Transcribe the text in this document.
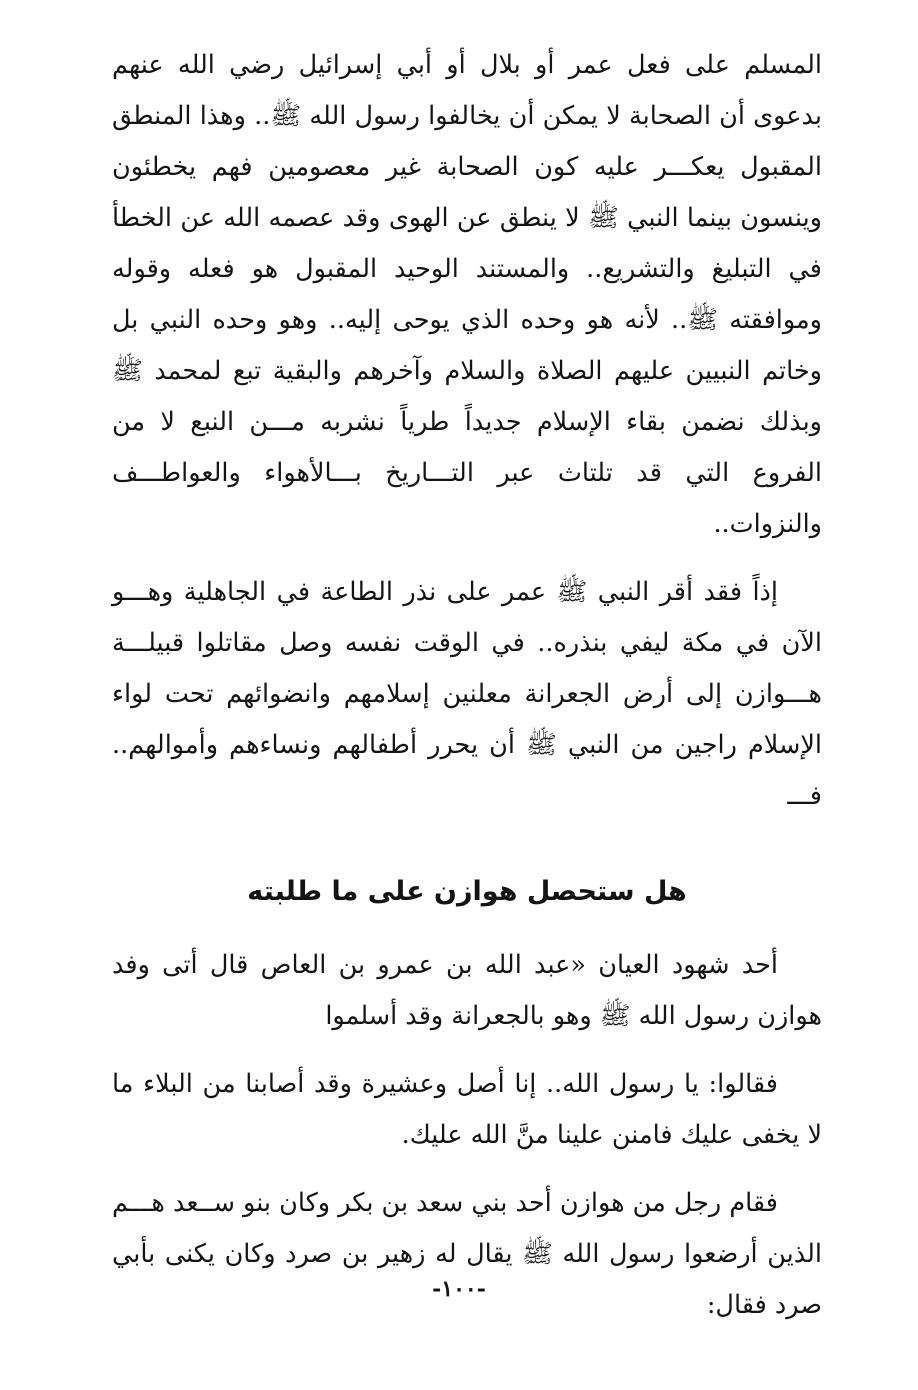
المسلم على فعل عمر أو بلال أو أبي إسرائيل رضي الله عنهم بدعوى أن الصحابة لا يمكن أن يخالفوا رسول الله ﷺ.. وهذا المنطق المقبول يعكـــر عليه كون الصحابة غير معصومين فهم يخطئون وينسون بينما النبي ﷺ لا ينطق عن الهوى وقد عصمه الله عن الخطأ في التبليغ والتشريع.. والمستند الوحيد المقبول هو فعله وقوله وموافقته ﷺ.. لأنه هو وحده الذي يوحى إليه.. وهو وحده النبي بل وخاتم النبيين عليهم الصلاة والسلام وآخرهم والبقية تبع لمحمد ﷺ وبذلك نضمن بقاء الإسلام جديداً طرياً نشربه مـــن النبع لا من الفروع التي قد تلتاث عبر التـــاريخ بـــالأهواء والعواطـــف والنزوات..

إذاً فقد أقر النبي ﷺ عمر على نذر الطاعة في الجاهلية وهـــو الآن في مكة ليفي بنذره.. في الوقت نفسه وصل مقاتلوا قبيلـــة هـــوازن إلى أرض الجعرانة معلنين إسلامهم وانضوائهم تحت لواء الإسلام راجين من النبي ﷺ أن يحرر أطفالهم ونساءهم وأموالهم.. فـــ

هل ستحصل هوازن على ما طلبته

أحد شهود العيان «عبد الله بن عمرو بن العاص قال أتى وفد هوازن رسول الله ﷺ وهو بالجعرانة وقد أسلموا

فقالوا: يا رسول الله.. إنا أصل وعشيرة وقد أصابنا من البلاء ما لا يخفى عليك فامنن علينا منَّ الله عليك.

فقام رجل من هوازن أحد بني سعد بن بكر وكان بنو ســعد هـــم الذين أرضعوا رسول الله ﷺ يقال له زهير بن صرد وكان يكنى بأبي صرد فقال:

-١٠٠-
